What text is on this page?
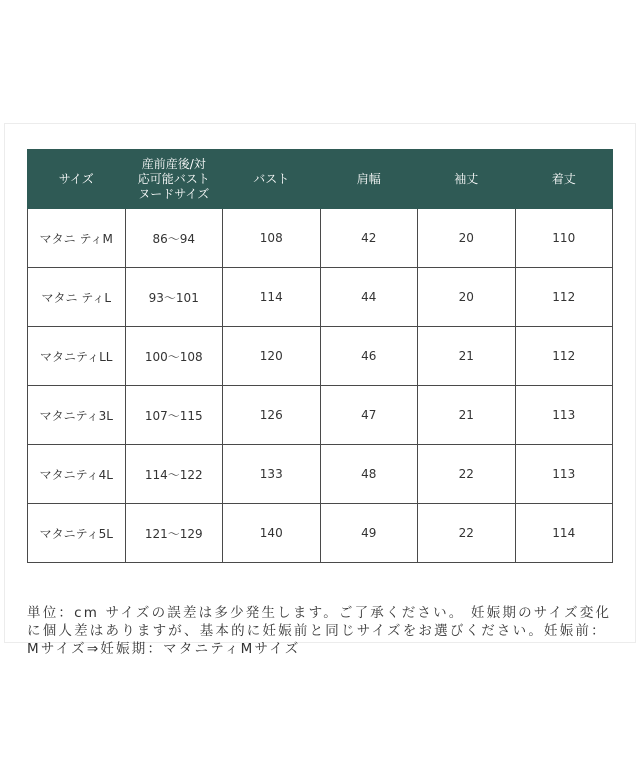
サイズ	産前産後/対
応可能バスト
ヌードサイズ	バスト	肩幅	袖丈	着丈
マタニ ティM	86〜94	108	42	20	110
マタニ ティL	93〜101	114	44	20	112
マタニティLL	100〜108	120	46	21	112
マタニティ3L	107〜115	126	47	21	113
マタニティ4L	114〜122	133	48	22	113
マタニティ5L	121〜129	140	49	22	114

単位：cm サイズの誤差は多少発生します。ご了承ください。 妊娠期のサイズ変化に個人差はありますが、基本的に妊娠前と同じサイズをお選びください。妊娠前：Mサイズ⇒妊娠期：マタニティMサイズ
